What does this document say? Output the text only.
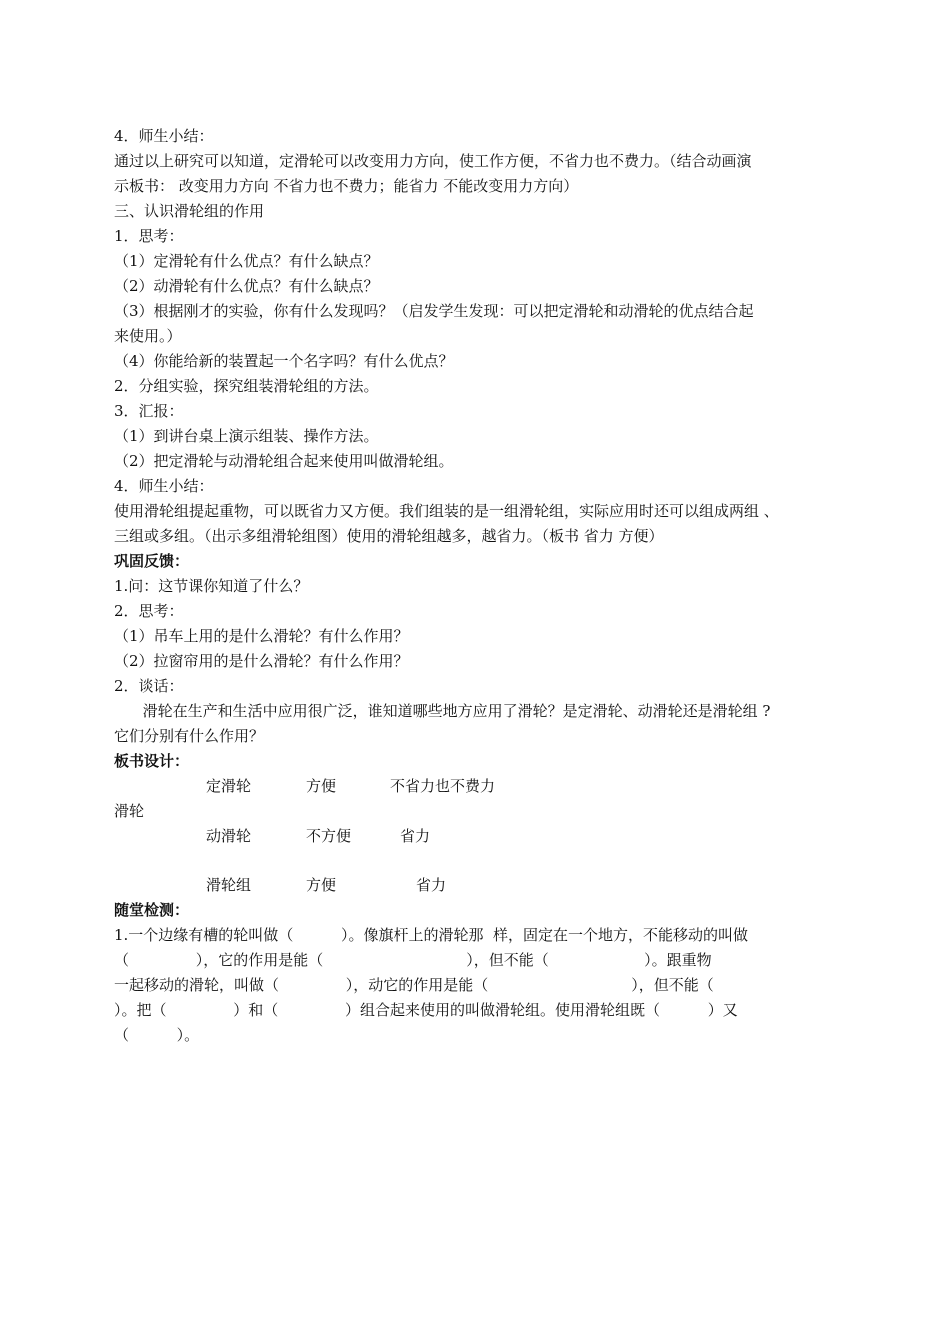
4．师生小结：
通过以上研究可以知道，定滑轮可以改变用力方向，使工作方便，不省力也不费力。（结合动画演
示板书： 改变用力方向 不省力也不费力；能省力 不能改变用力方向）
三、认识滑轮组的作用
1．思考：
（1）定滑轮有什么优点？有什么缺点？
（2）动滑轮有什么优点？有什么缺点？
（3）根据刚才的实验，你有什么发现吗？（启发学生发现：可以把定滑轮和动滑轮的优点结合起
来使用。）
（4）你能给新的装置起一个名字吗？有什么优点？
2．分组实验，探究组装滑轮组的方法。
3．汇报：
（1）到讲台桌上演示组装、操作方法。
（2）把定滑轮与动滑轮组合起来使用叫做滑轮组。
4．师生小结：
使用滑轮组提起重物，可以既省力又方便。我们组装的是一组滑轮组，实际应用时还可以组成两组 、
三组或多组。（出示多组滑轮组图）使用的滑轮组越多，越省力。（板书 省力 方便）
巩固反馈：
1.问：这节课你知道了什么？
2．思考：
（1）吊车上用的是什么滑轮？有什么作用？
（2）拉窗帘用的是什么滑轮？有什么作用？
2．谈话：
滑轮在生产和生活中应用很广泛，谁知道哪些地方应用了滑轮？是定滑轮、动滑轮还是滑轮组 ?
它们分别有什么作用？
板书设计：
定滑轮	方便	不省力也不费力
滑轮
动滑轮	不方便	省力
滑轮组	方便	省力
随堂检测：
1.一个边缘有槽的轮叫做（          ）。像旗杆上的滑轮那  样，固定在一个地方，不能移动的叫做
（              ），它的作用是能（                              ），但不能（                    ）。跟重物
一起移动的滑轮，叫做（              ），动它的作用是能（                              ），但不能（
）。把（              ）和（              ）组合起来使用的叫做滑轮组。使用滑轮组既（          ）又
（          ）。
